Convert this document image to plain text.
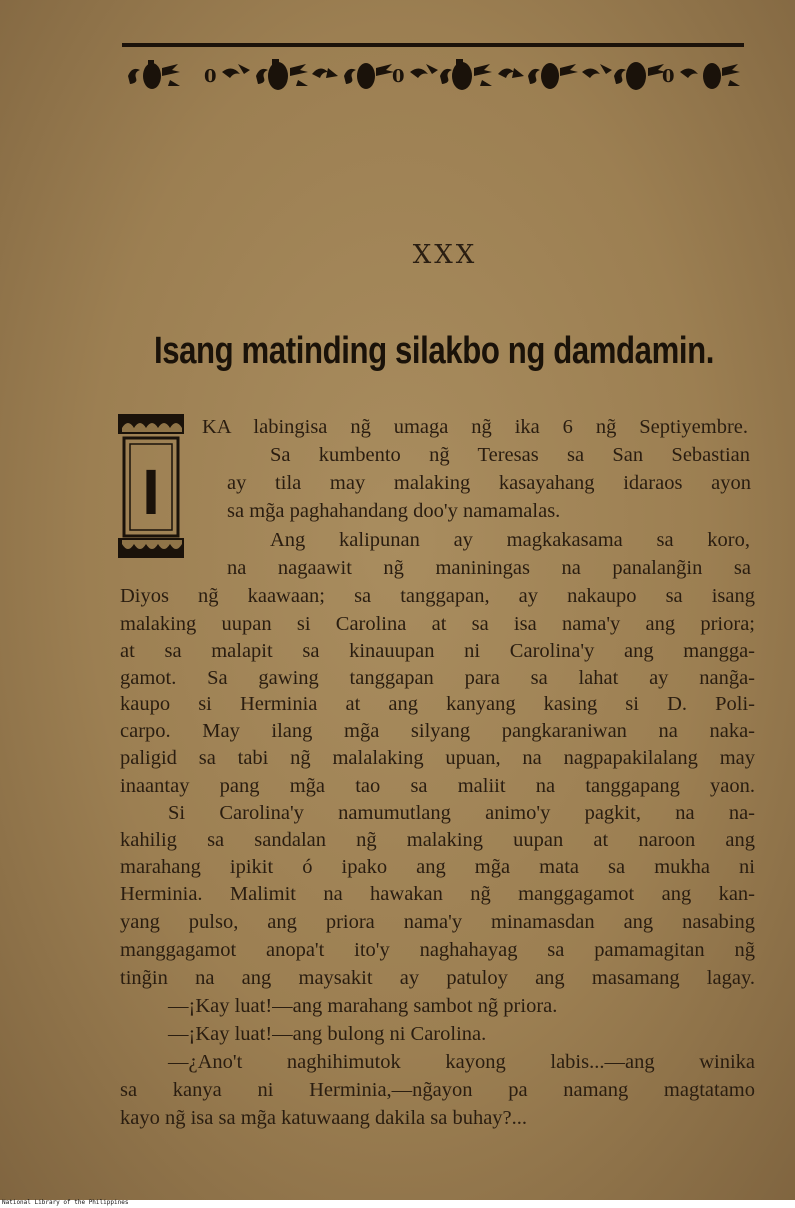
0	0	0
XXX
Isang matinding silakbo ng damdamin.
I
KA labingisa ng̃ umaga ng̃ ika 6 ng̃ Septiyembre.
Sa kumbento ng̃ Teresas sa San Sebastian
ay tila may malaking kasayahang idaraos ayon
sa mg̃a paghahandang doo'y namamalas.
Ang kalipunan ay magkakasama sa koro,
na nagaawit ng̃ maniningas na panalang̃in sa
Diyos ng̃ kaawaan; sa tanggapan, ay nakaupo sa isang
malaking uupan si Carolina at sa isa nama'y ang priora;
at sa malapit sa kinauupan ni Carolina'y ang mangga-
gamot. Sa gawing tanggapan para sa lahat ay nang̃a-
kaupo si Herminia at ang kanyang kasing si D. Poli-
carpo. May ilang mg̃a silyang pangkaraniwan na naka-
paligid sa tabi ng̃ malalaking upuan, na nagpapakilalang may
inaantay pang mg̃a tao sa maliit na tanggapang yaon.
Si Carolina'y namumutlang animo'y pagkit, na na-
kahilig sa sandalan ng̃ malaking uupan at naroon ang
marahang ipikit ó ipako ang mg̃a mata sa mukha ni
Herminia. Malimit na hawakan ng̃ manggagamot ang kan-
yang pulso, ang priora nama'y minamasdan ang nasabing
manggagamot anopa't ito'y naghahayag sa pamamagitan ng̃
ting̃in na ang maysakit ay patuloy ang masamang lagay.
—¡Kay luat!—ang marahang sambot ng̃ priora.
—¡Kay luat!—ang bulong ni Carolina.
—¿Ano't naghihimutok kayong labis...—ang winika
sa kanya ni Herminia,—ng̃ayon pa namang magtatamo
kayo ng̃ isa sa mg̃a katuwaang dakila sa buhay?...
National Library of the Philippines
